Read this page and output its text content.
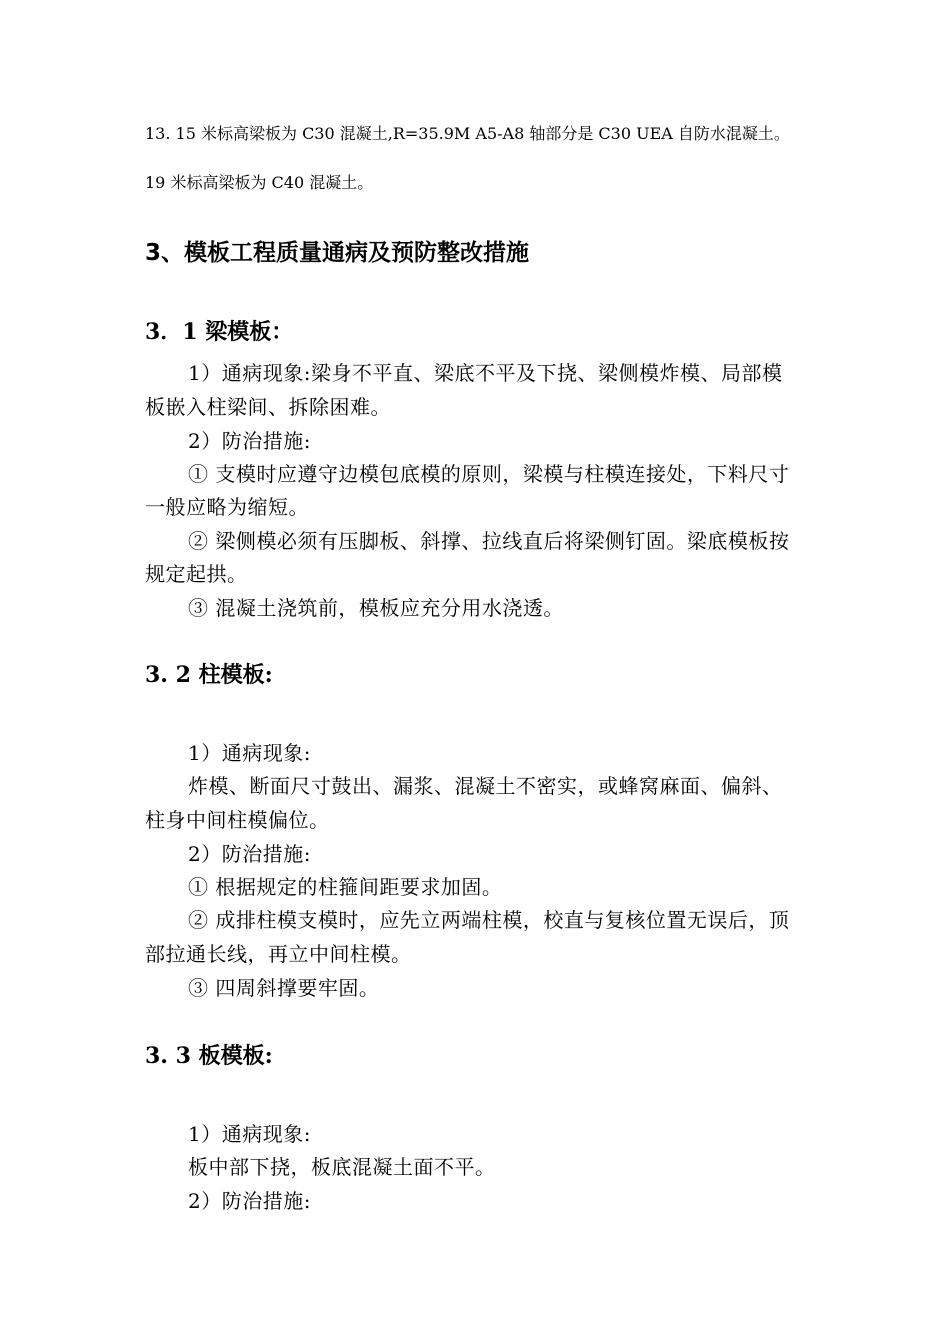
13. 15 米标高梁板为 C30 混凝土,R=35.9M A5-A8 轴部分是 C30 UEA 自防水混凝土。
19 米标高梁板为 C40 混凝土。
3、模板工程质量通病及预防整改措施
3．1 梁模板：
1）通病现象:梁身不平直、梁底不平及下挠、梁侧模炸模、局部模
板嵌入柱梁间、拆除困难。
2）防治措施:
① 支模时应遵守边模包底模的原则，梁模与柱模连接处，下料尺寸
一般应略为缩短。
② 梁侧模必须有压脚板、斜撑、拉线直后将梁侧钉固。梁底模板按
规定起拱。
③ 混凝土浇筑前，模板应充分用水浇透。
3. 2 柱模板:
1）通病现象:
炸模、断面尺寸鼓出、漏浆、混凝土不密实，或蜂窝麻面、偏斜、
柱身中间柱模偏位。
2）防治措施:
① 根据规定的柱箍间距要求加固。
② 成排柱模支模时，应先立两端柱模，校直与复核位置无误后，顶
部拉通长线，再立中间柱模。
③ 四周斜撑要牢固。
3. 3 板模板:
1）通病现象:
板中部下挠，板底混凝土面不平。
2）防治措施:
